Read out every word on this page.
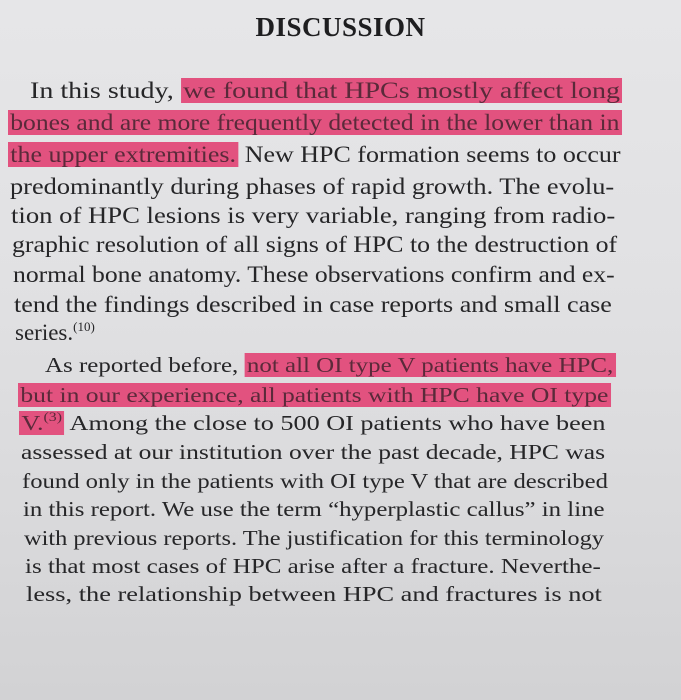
DISCUSSION
In this study, we found that HPCs mostly affect long
bones and are more frequently detected in the lower than in
the upper extremities. New HPC formation seems to occur
predominantly during phases of rapid growth. The evolu-
tion of HPC lesions is very variable, ranging from radio-
graphic resolution of all signs of HPC to the destruction of
normal bone anatomy. These observations confirm and ex-
tend the findings described in case reports and small case
series.$^{(10)}$
As reported before, not all OI type V patients have HPC,
but in our experience, all patients with HPC have OI type
V.$^{(3)}$ Among the close to 500 OI patients who have been
assessed at our institution over the past decade, HPC was
found only in the patients with OI type V that are described
in this report. We use the term “hyperplastic callus” in line
with previous reports. The justification for this terminology
is that most cases of HPC arise after a fracture. Neverthe-
less, the relationship between HPC and fractures is not
